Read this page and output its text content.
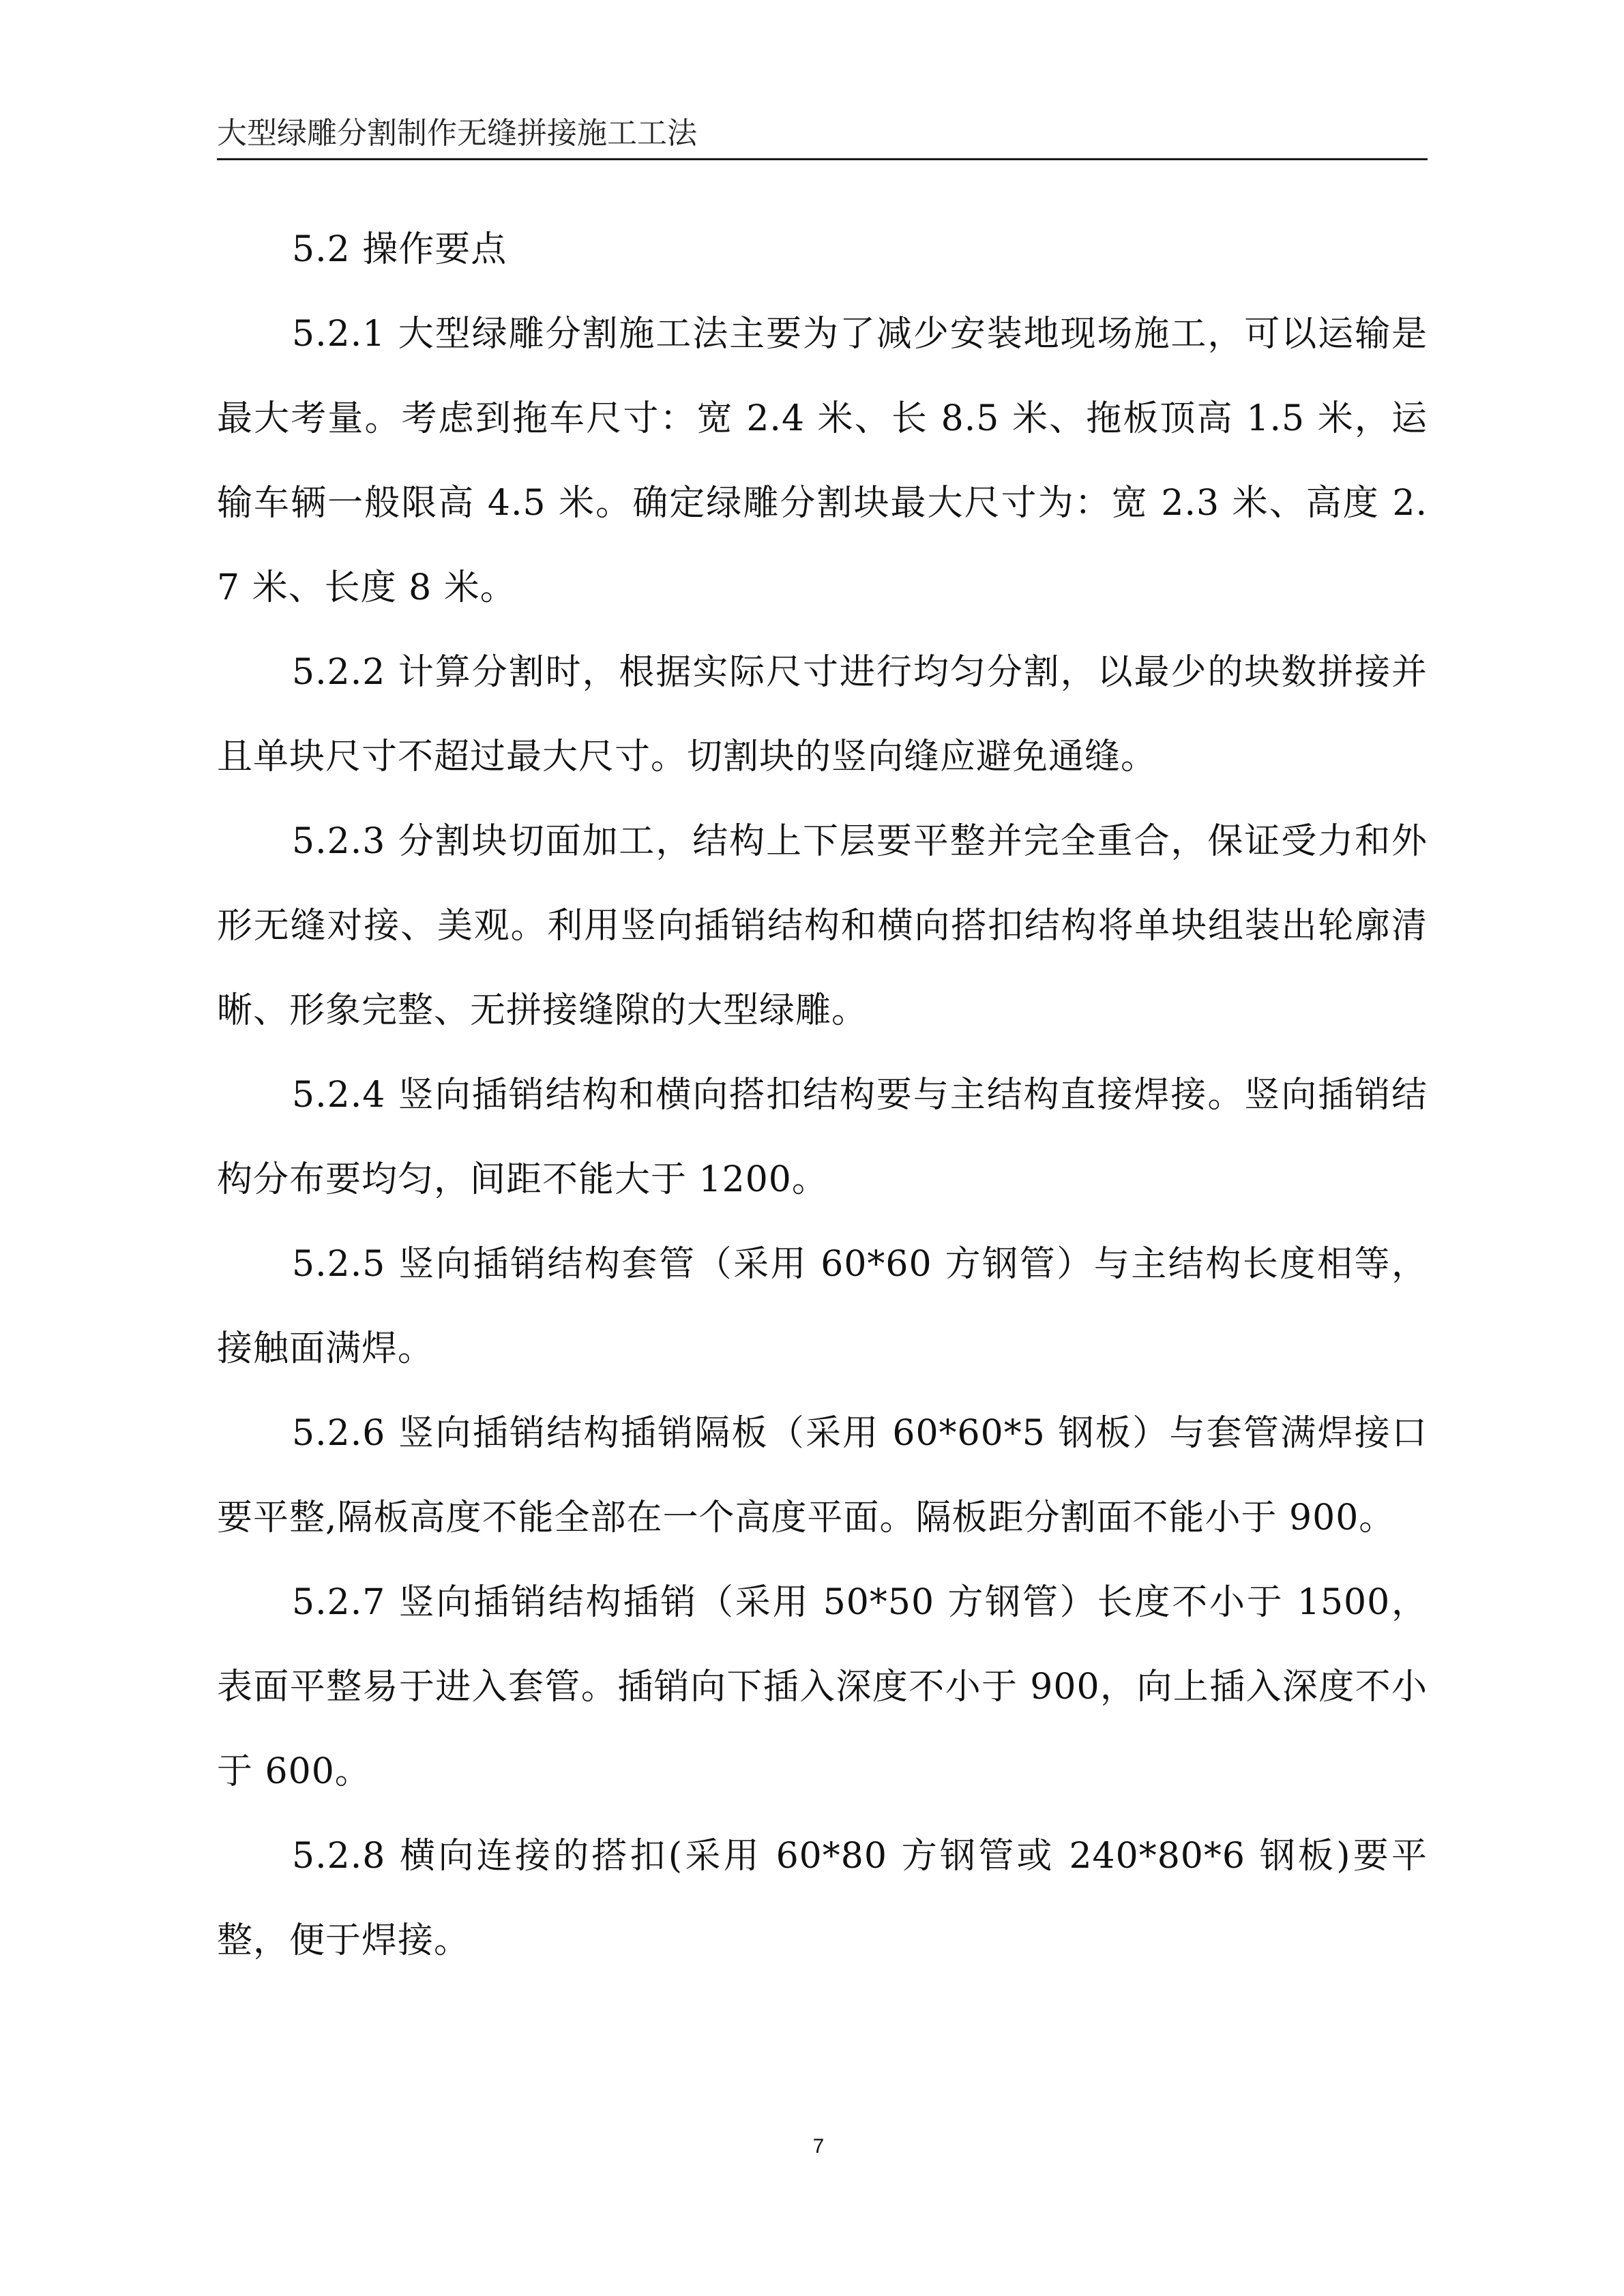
大型绿雕分割制作无缝拼接施工工法

5.2 操作要点

5.2.1 大型绿雕分割施工法主要为了减少安装地现场施工，可以运输是最大考量。考虑到拖车尺寸：宽 2.4 米、长 8.5 米、拖板顶高 1.5 米，运输车辆一般限高 4.5 米。确定绿雕分割块最大尺寸为：宽 2.3 米、高度 2.7 米、长度 8 米。

5.2.2 计算分割时，根据实际尺寸进行均匀分割，以最少的块数拼接并且单块尺寸不超过最大尺寸。切割块的竖向缝应避免通缝。

5.2.3 分割块切面加工，结构上下层要平整并完全重合，保证受力和外形无缝对接、美观。利用竖向插销结构和横向搭扣结构将单块组装出轮廓清晰、形象完整、无拼接缝隙的大型绿雕。

5.2.4 竖向插销结构和横向搭扣结构要与主结构直接焊接。竖向插销结构分布要均匀，间距不能大于 1200。

5.2.5 竖向插销结构套管（采用 60*60 方钢管）与主结构长度相等，接触面满焊。

5.2.6 竖向插销结构插销隔板（采用 60*60*5 钢板）与套管满焊接口要平整,隔板高度不能全部在一个高度平面。隔板距分割面不能小于 900。

5.2.7 竖向插销结构插销（采用 50*50 方钢管）长度不小于 1500，表面平整易于进入套管。插销向下插入深度不小于 900，向上插入深度不小于 600。

5.2.8 横向连接的搭扣(采用 60*80 方钢管或 240*80*6 钢板)要平整，便于焊接。

7
